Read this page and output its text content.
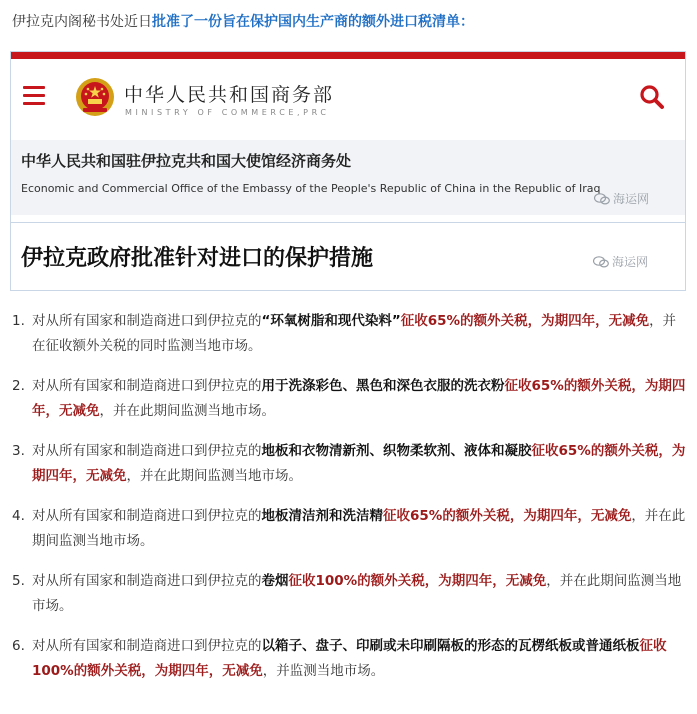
伊拉克内阁秘书处近日批准了一份旨在保护国内生产商的额外进口税清单：
中华人民共和国商务部
MINISTRY OF COMMERCE,PRC
中华人民共和国驻伊拉克共和国大使馆经济商务处
Economic and Commercial Office of the Embassy of the People's Republic of China in the Republic of Iraq
海运网
伊拉克政府批准针对进口的保护措施	海运网
1. 对从所有国家和制造商进口到伊拉克的“环氧树脂和现代染料”征收65%的额外关税，为期四年，无减免，并在征收额外关税的同时监测当地市场。
2. 对从所有国家和制造商进口到伊拉克的用于洗涤彩色、黑色和深色衣服的洗衣粉征收65%的额外关税，为期四年，无减免，并在此期间监测当地市场。
3. 对从所有国家和制造商进口到伊拉克的地板和衣物清新剂、织物柔软剂、液体和凝胶征收65%的额外关税，为期四年，无减免，并在此期间监测当地市场。
4. 对从所有国家和制造商进口到伊拉克的地板清洁剂和洗洁精征收65%的额外关税，为期四年，无减免，并在此期间监测当地市场。
5. 对从所有国家和制造商进口到伊拉克的卷烟征收100%的额外关税，为期四年，无减免，并在此期间监测当地市场。
6. 对从所有国家和制造商进口到伊拉克的以箱子、盘子、印刷或未印刷隔板的形态的瓦楞纸板或普通纸板征收100%的额外关税，为期四年，无减免，并监测当地市场。
